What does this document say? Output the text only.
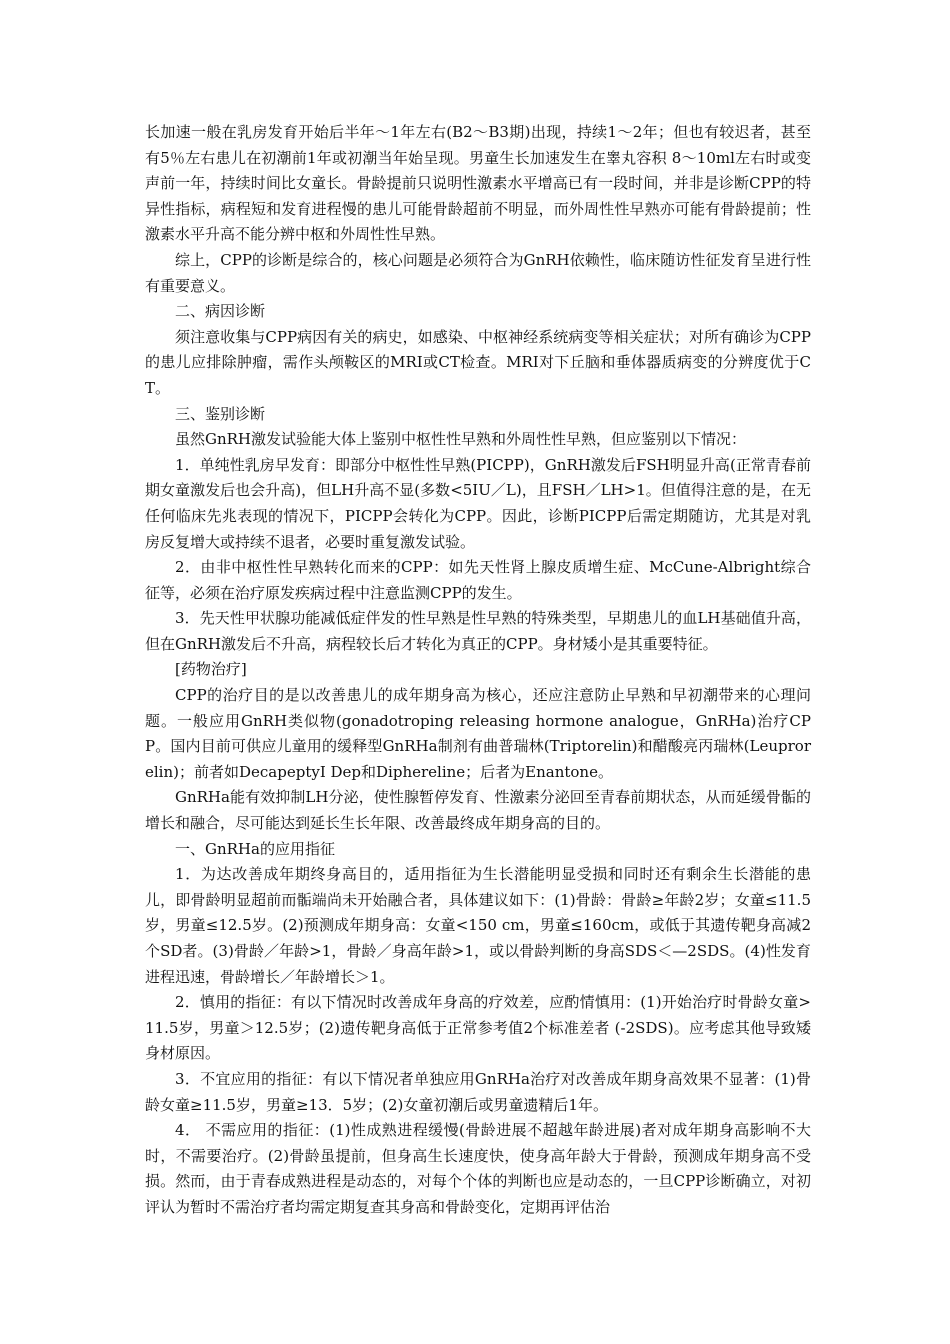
长加速一般在乳房发育开始后半年～1年左右(B2～B3期)出现，持续1～2年；但也有较迟者，甚至有5％左右患儿在初潮前1年或初潮当年始呈现。男童生长加速发生在睾丸容积 8～10ml左右时或变声前一年，持续时间比女童长。骨龄提前只说明性激素水平增高已有一段时间，并非是诊断CPP的特异性指标，病程短和发育进程慢的患儿可能骨龄超前不明显，而外周性性早熟亦可能有骨龄提前；性激素水平升高不能分辨中枢和外周性性早熟。

综上，CPP的诊断是综合的，核心问题是必须符合为GnRH依赖性，临床随访性征发育呈进行性有重要意义。

二、病因诊断

须注意收集与CPP病因有关的病史，如感染、中枢神经系统病变等相关症状；对所有确诊为CPP的患儿应排除肿瘤，需作头颅鞍区的MRI或CT检查。MRI对下丘脑和垂体器质病变的分辨度优于CT。

三、鉴别诊断

虽然GnRH激发试验能大体上鉴别中枢性性早熟和外周性性早熟，但应鉴别以下情况：

1．单纯性乳房早发育：即部分中枢性性早熟(PICPP)，GnRH激发后FSH明显升高(正常青春前期女童激发后也会升高)，但LH升高不显(多数<5IU／L)，且FSH／LH>1。但值得注意的是，在无任何临床先兆表现的情况下，PICPP会转化为CPP。因此，诊断PICPP后需定期随访，尤其是对乳房反复增大或持续不退者，必要时重复激发试验。

2．由非中枢性性早熟转化而来的CPP：如先天性肾上腺皮质增生症、McCune-Albright综合征等，必须在治疗原发疾病过程中注意监测CPP的发生。

3．先天性甲状腺功能减低症伴发的性早熟是性早熟的特殊类型，早期患儿的血LH基础值升高，但在GnRH激发后不升高，病程较长后才转化为真正的CPP。身材矮小是其重要特征。

[药物治疗]

CPP的治疗目的是以改善患儿的成年期身高为核心，还应注意防止早熟和早初潮带来的心理问题。一般应用GnRH类似物(gonadotroping releasing hormone analogue，GnRHa)治疗CPP。国内目前可供应儿童用的缓释型GnRHa制剂有曲普瑞林(Triptorelin)和醋酸亮丙瑞林(Leuprorelin)；前者如DecapeptyI Dep和Diphereline；后者为Enantone。

GnRHa能有效抑制LH分泌，使性腺暂停发育、性激素分泌回至青春前期状态，从而延缓骨骺的增长和融合，尽可能达到延长生长年限、改善最终成年期身高的目的。

一、GnRHa的应用指征

1．为达改善成年期终身高目的，适用指征为生长潜能明显受损和同时还有剩余生长潜能的患儿，即骨龄明显超前而骺端尚未开始融合者，具体建议如下：(1)骨龄：骨龄≥年龄2岁；女童≤11.5岁，男童≤12.5岁。(2)预测成年期身高：女童<150 cm，男童≤160cm，或低于其遗传靶身高减2个SD者。(3)骨龄／年龄>1，骨龄／身高年龄>1，或以骨龄判断的身高SDS＜—2SDS。(4)性发育进程迅速，骨龄增长／年龄增长＞1。

2．慎用的指征：有以下情况时改善成年身高的疗效差，应酌情慎用：(1)开始治疗时骨龄女童>11.5岁，男童＞12.5岁；(2)遗传靶身高低于正常参考值2个标准差者 (-2SDS)。应考虑其他导致矮身材原因。

3．不宜应用的指征：有以下情况者单独应用GnRHa治疗对改善成年期身高效果不显著：(1)骨龄女童≥11.5岁，男童≥13．5岁；(2)女童初潮后或男童遗精后1年。

4． 不需应用的指征：(1)性成熟进程缓慢(骨龄进展不超越年龄进展)者对成年期身高影响不大时，不需要治疗。(2)骨龄虽提前，但身高生长速度快，使身高年龄大于骨龄，预测成年期身高不受损。然而，由于青春成熟进程是动态的，对每个个体的判断也应是动态的，一旦CPP诊断确立，对初评认为暂时不需治疗者均需定期复查其身高和骨龄变化，定期再评估治
